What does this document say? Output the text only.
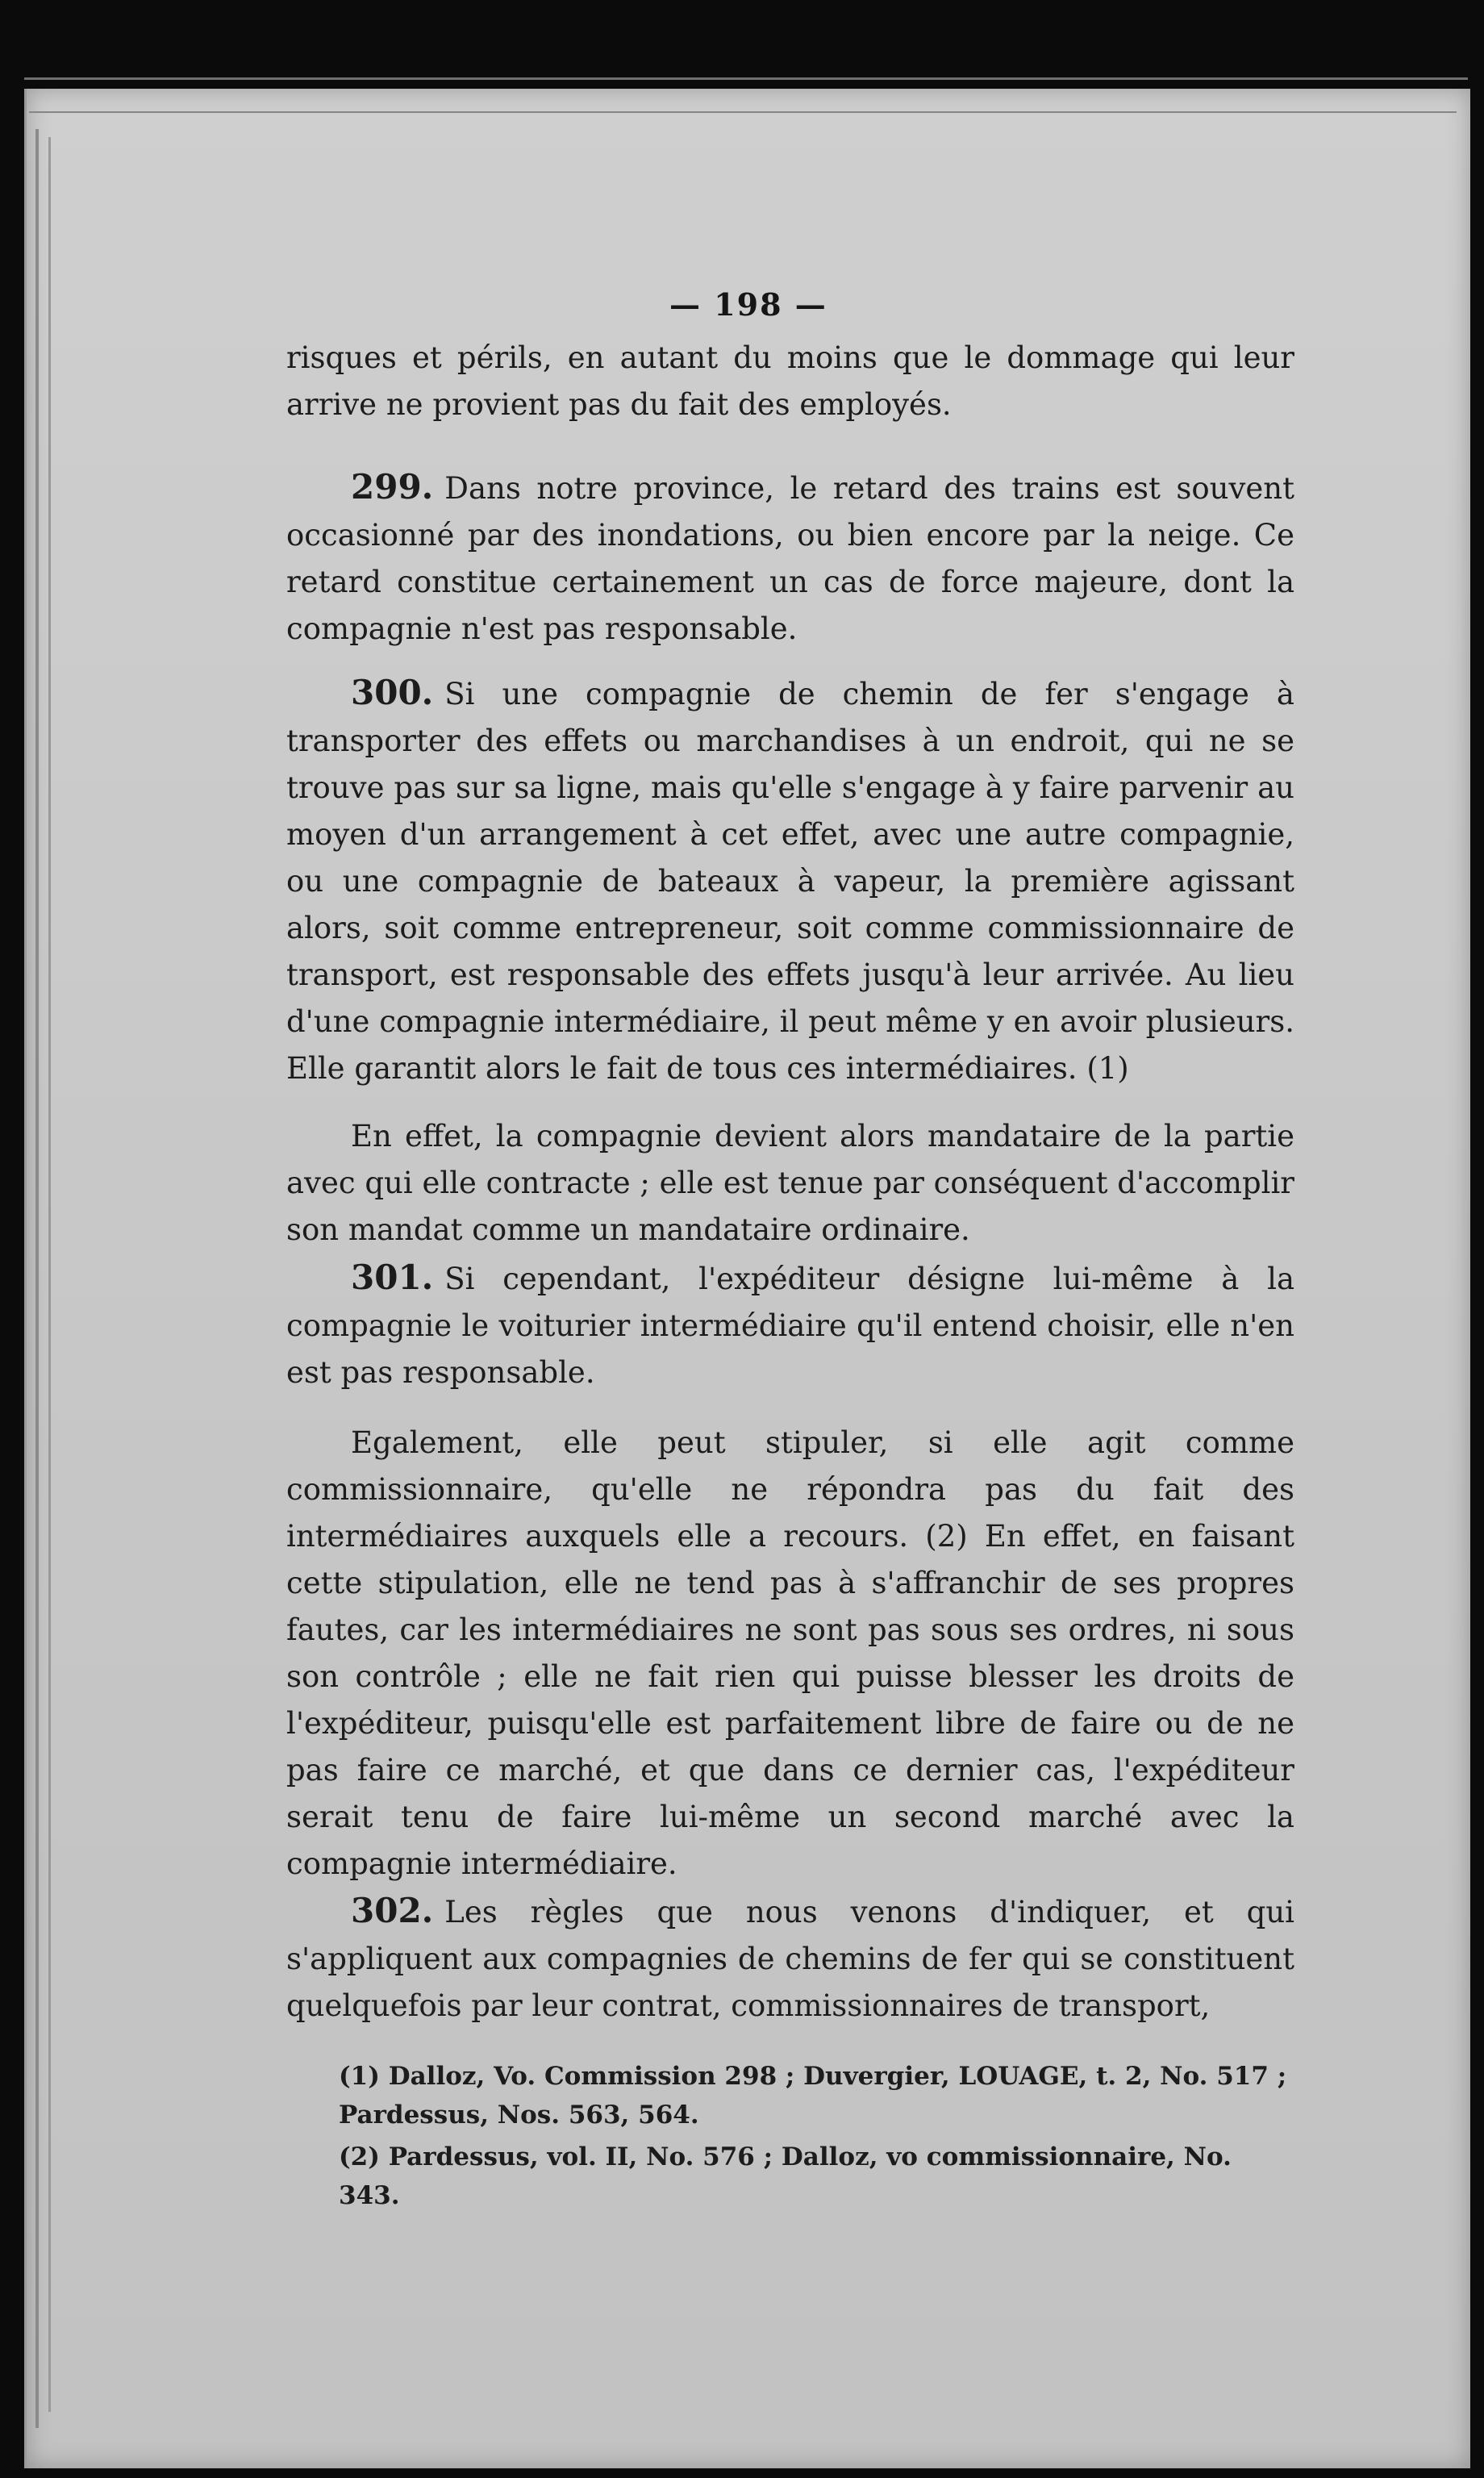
— 198 —

risques et périls, en autant du moins que le dommage qui leur arrive ne provient pas du fait des employés.

299. Dans notre province, le retard des trains est souvent occasionné par des inondations, ou bien encore par la neige. Ce retard constitue certainement un cas de force majeure, dont la compagnie n'est pas responsable.

300. Si une compagnie de chemin de fer s'engage à transporter des effets ou marchandises à un endroit, qui ne se trouve pas sur sa ligne, mais qu'elle s'engage à y faire parvenir au moyen d'un arrangement à cet effet, avec une autre compagnie, ou une compagnie de bateaux à vapeur, la première agissant alors, soit comme entrepreneur, soit comme commissionnaire de transport, est responsable des effets jusqu'à leur arrivée. Au lieu d'une compagnie intermédiaire, il peut même y en avoir plusieurs. Elle garantit alors le fait de tous ces intermédiaires. (1)

En effet, la compagnie devient alors mandataire de la partie avec qui elle contracte ; elle est tenue par conséquent d'accomplir son mandat comme un mandataire ordinaire.

301. Si cependant, l'expéditeur désigne lui-même à la compagnie le voiturier intermédiaire qu'il entend choisir, elle n'en est pas responsable.

Egalement, elle peut stipuler, si elle agit comme commissionnaire, qu'elle ne répondra pas du fait des intermédiaires auxquels elle a recours. (2) En effet, en faisant cette stipulation, elle ne tend pas à s'affranchir de ses propres fautes, car les intermédiaires ne sont pas sous ses ordres, ni sous son contrôle ; elle ne fait rien qui puisse blesser les droits de l'expéditeur, puisqu'elle est parfaitement libre de faire ou de ne pas faire ce marché, et que dans ce dernier cas, l'expéditeur serait tenu de faire lui-même un second marché avec la compagnie intermédiaire.

302. Les règles que nous venons d'indiquer, et qui s'appliquent aux compagnies de chemins de fer qui se constituent quelquefois par leur contrat, commissionnaires de transport,

(1) Dalloz, Vo. Commission 298 ; Duvergier, LOUAGE, t. 2, No. 517 ; Pardessus, Nos. 563, 564.

(2) Pardessus, vol. II, No. 576 ; Dalloz, vo commissionnaire, No. 343.
